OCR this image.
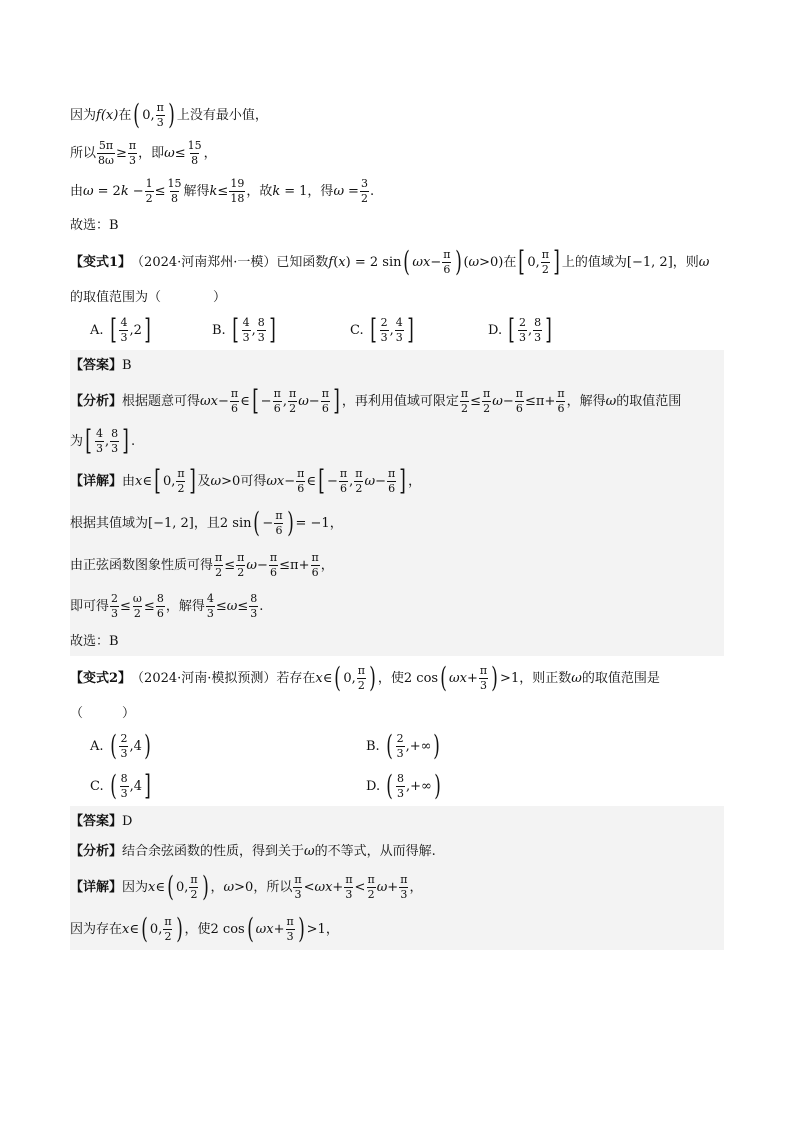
因为 f(x) 在 ( 0,
π
3 ) 上没有最小值，
所以
5π
8ω ≥
π
3 ，即 ω ≤
15
8 ，
由 ω = 2 k −
1
2 ≤
15
8 解得 k ≤
19
18 ，故 k = 1 ，得 ω =
3
2 .
故选：B
【变式1】 （2024·河南郑州·一模）已知函数 f ( x ) = 2 sin ( ωx −
π
6 ) ( ω >0) 在 [ 0,
π
2 ] 上的值域为 [−1, 2] ，则 ω
的取值范围为（　　　　）
A. [ 4
3 ,2 ]	B. [ 4
3 ,
8
3 ]	C. [ 2
3 ,
4
3 ]	D. [ 2
3 ,
8
3 ]
【答案】 B
【分析】 根据题意可得 ωx −
π
6 ∈ [ −
π
6 ,
π
2 ω −
π
6 ] ，再利用值域可限定
π
2 ≤
π
2 ω −
π
6 ≤π+
π
6 ，解得 ω 的取值范围
为 [ 4
3 ,
8
3 ] .
【详解】 由 x ∈ [ 0,
π
2 ] 及 ω >0 可得 ωx −
π
6 ∈ [ −
π
6 ,
π
2 ω −
π
6 ] ，
根据其值域为 [−1, 2] ，且 2 sin ( −
π
6 ) = −1 ，
由正弦函数图象性质可得
π
2 ≤
π
2 ω −
π
6 ≤π+
π
6 ，
即可得
2
3 ≤
ω
2 ≤
8
6 ，解得
4
3 ≤ ω ≤
8
3 .
故选：B
【变式2】 （2024·河南·模拟预测）若存在 x ∈ ( 0,
π
2 ) ，使 2 cos ( ωx +
π
3 ) >1 ，则正数 ω 的取值范围是
（　　　）
A. ( 2
3 ,4 )	B. ( 2
3 ,+∞ )
C. ( 8
3 ,4 ]	D. ( 8
3 ,+∞ )
【答案】 D
【分析】 结合余弦函数的性质，得到关于 ω 的不等式，从而得解.
【详解】 因为 x ∈ ( 0,
π
2 ) ， ω >0 ，所以
π
3 < ωx +
π
3 <
π
2 ω +
π
3 ，
因为存在 x ∈ ( 0,
π
2 ) ，使 2 cos ( ωx +
π
3 ) >1，
